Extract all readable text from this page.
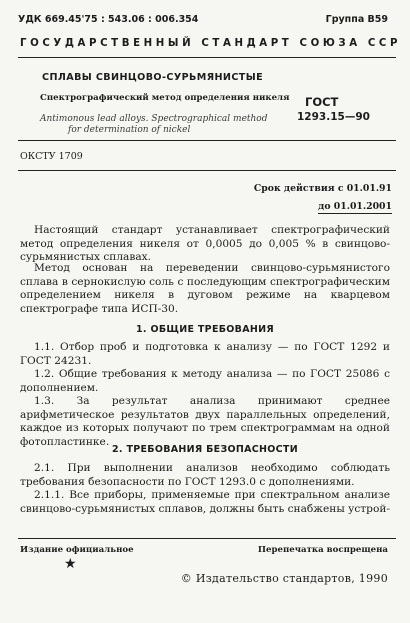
УДК 669.45'75 : 543.06 : 006.354	Группа В59
ГОСУДАРСТВЕННЫЙ СТАНДАРТ СОЮЗА ССР
СПЛАВЫ СВИНЦОВО-СУРЬМЯНИСТЫЕ
Спектрографический метод определения никеля
Antimonous lead alloys. Spectrographical method
for determination of nickel
ГОСТ
1293.15—90
ОКСТУ 1709
Срок действия с 01.01.91
до 01.01.2001
Настоящий стандарт устанавливает спектрографический метод определения никеля от 0,0005 до 0,005 % в свинцово-сурьмянистых сплавах.
Метод основан на переведении свинцово-сурьмянистого сплава в сернокислую соль с последующим спектрографическим определением никеля в дуговом режиме на кварцевом спектрографе типа ИСП-30.
1. ОБЩИЕ ТРЕБОВАНИЯ
1.1. Отбор проб и подготовка к анализу — по ГОСТ 1292 и ГОСТ 24231.
1.2. Общие требования к методу анализа — по ГОСТ 25086 с дополнением.
1.3. За результат анализа принимают среднее арифметическое результатов двух параллельных определений, каждое из которых получают по трем спектрограммам на одной фотопластинке.
2. ТРЕБОВАНИЯ БЕЗОПАСНОСТИ
2.1. При выполнении анализов необходимо соблюдать требования безопасности по ГОСТ 1293.0 с дополнениями.
2.1.1. Все приборы, применяемые при спектральном анализе свинцово-сурьмянистых сплавов, должны быть снабжены устрой-
Издание официальное	Перепечатка воспрещена
★
© Издательство стандартов, 1990
